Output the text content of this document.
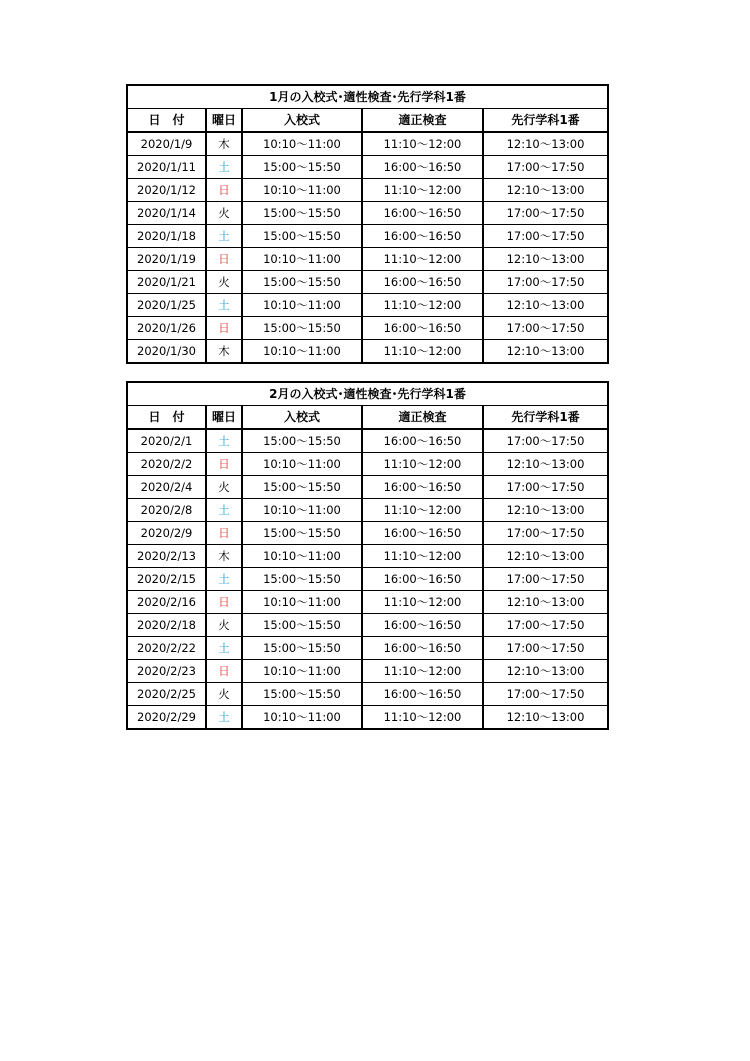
1月の入校式･適性検査･先行学科1番				
日　付	曜日	入校式	適正検査	先行学科1番
2020/1/9	木	10:10～11:00	11:10～12:00	12:10～13:00
2020/1/11	土	15:00～15:50	16:00～16:50	17:00～17:50
2020/1/12	日	10:10～11:00	11:10～12:00	12:10～13:00
2020/1/14	火	15:00～15:50	16:00～16:50	17:00～17:50
2020/1/18	土	15:00～15:50	16:00～16:50	17:00～17:50
2020/1/19	日	10:10～11:00	11:10～12:00	12:10～13:00
2020/1/21	火	15:00～15:50	16:00～16:50	17:00～17:50
2020/1/25	土	10:10～11:00	11:10～12:00	12:10～13:00
2020/1/26	日	15:00～15:50	16:00～16:50	17:00～17:50
2020/1/30	木	10:10～11:00	11:10～12:00	12:10～13:00
2月の入校式･適性検査･先行学科1番				
日　付	曜日	入校式	適正検査	先行学科1番
2020/2/1	土	15:00～15:50	16:00～16:50	17:00～17:50
2020/2/2	日	10:10～11:00	11:10～12:00	12:10～13:00
2020/2/4	火	15:00～15:50	16:00～16:50	17:00～17:50
2020/2/8	土	10:10～11:00	11:10～12:00	12:10～13:00
2020/2/9	日	15:00～15:50	16:00～16:50	17:00～17:50
2020/2/13	木	10:10～11:00	11:10～12:00	12:10～13:00
2020/2/15	土	15:00～15:50	16:00～16:50	17:00～17:50
2020/2/16	日	10:10～11:00	11:10～12:00	12:10～13:00
2020/2/18	火	15:00～15:50	16:00～16:50	17:00～17:50
2020/2/22	土	15:00～15:50	16:00～16:50	17:00～17:50
2020/2/23	日	10:10～11:00	11:10～12:00	12:10～13:00
2020/2/25	火	15:00～15:50	16:00～16:50	17:00～17:50
2020/2/29	土	10:10～11:00	11:10～12:00	12:10～13:00
